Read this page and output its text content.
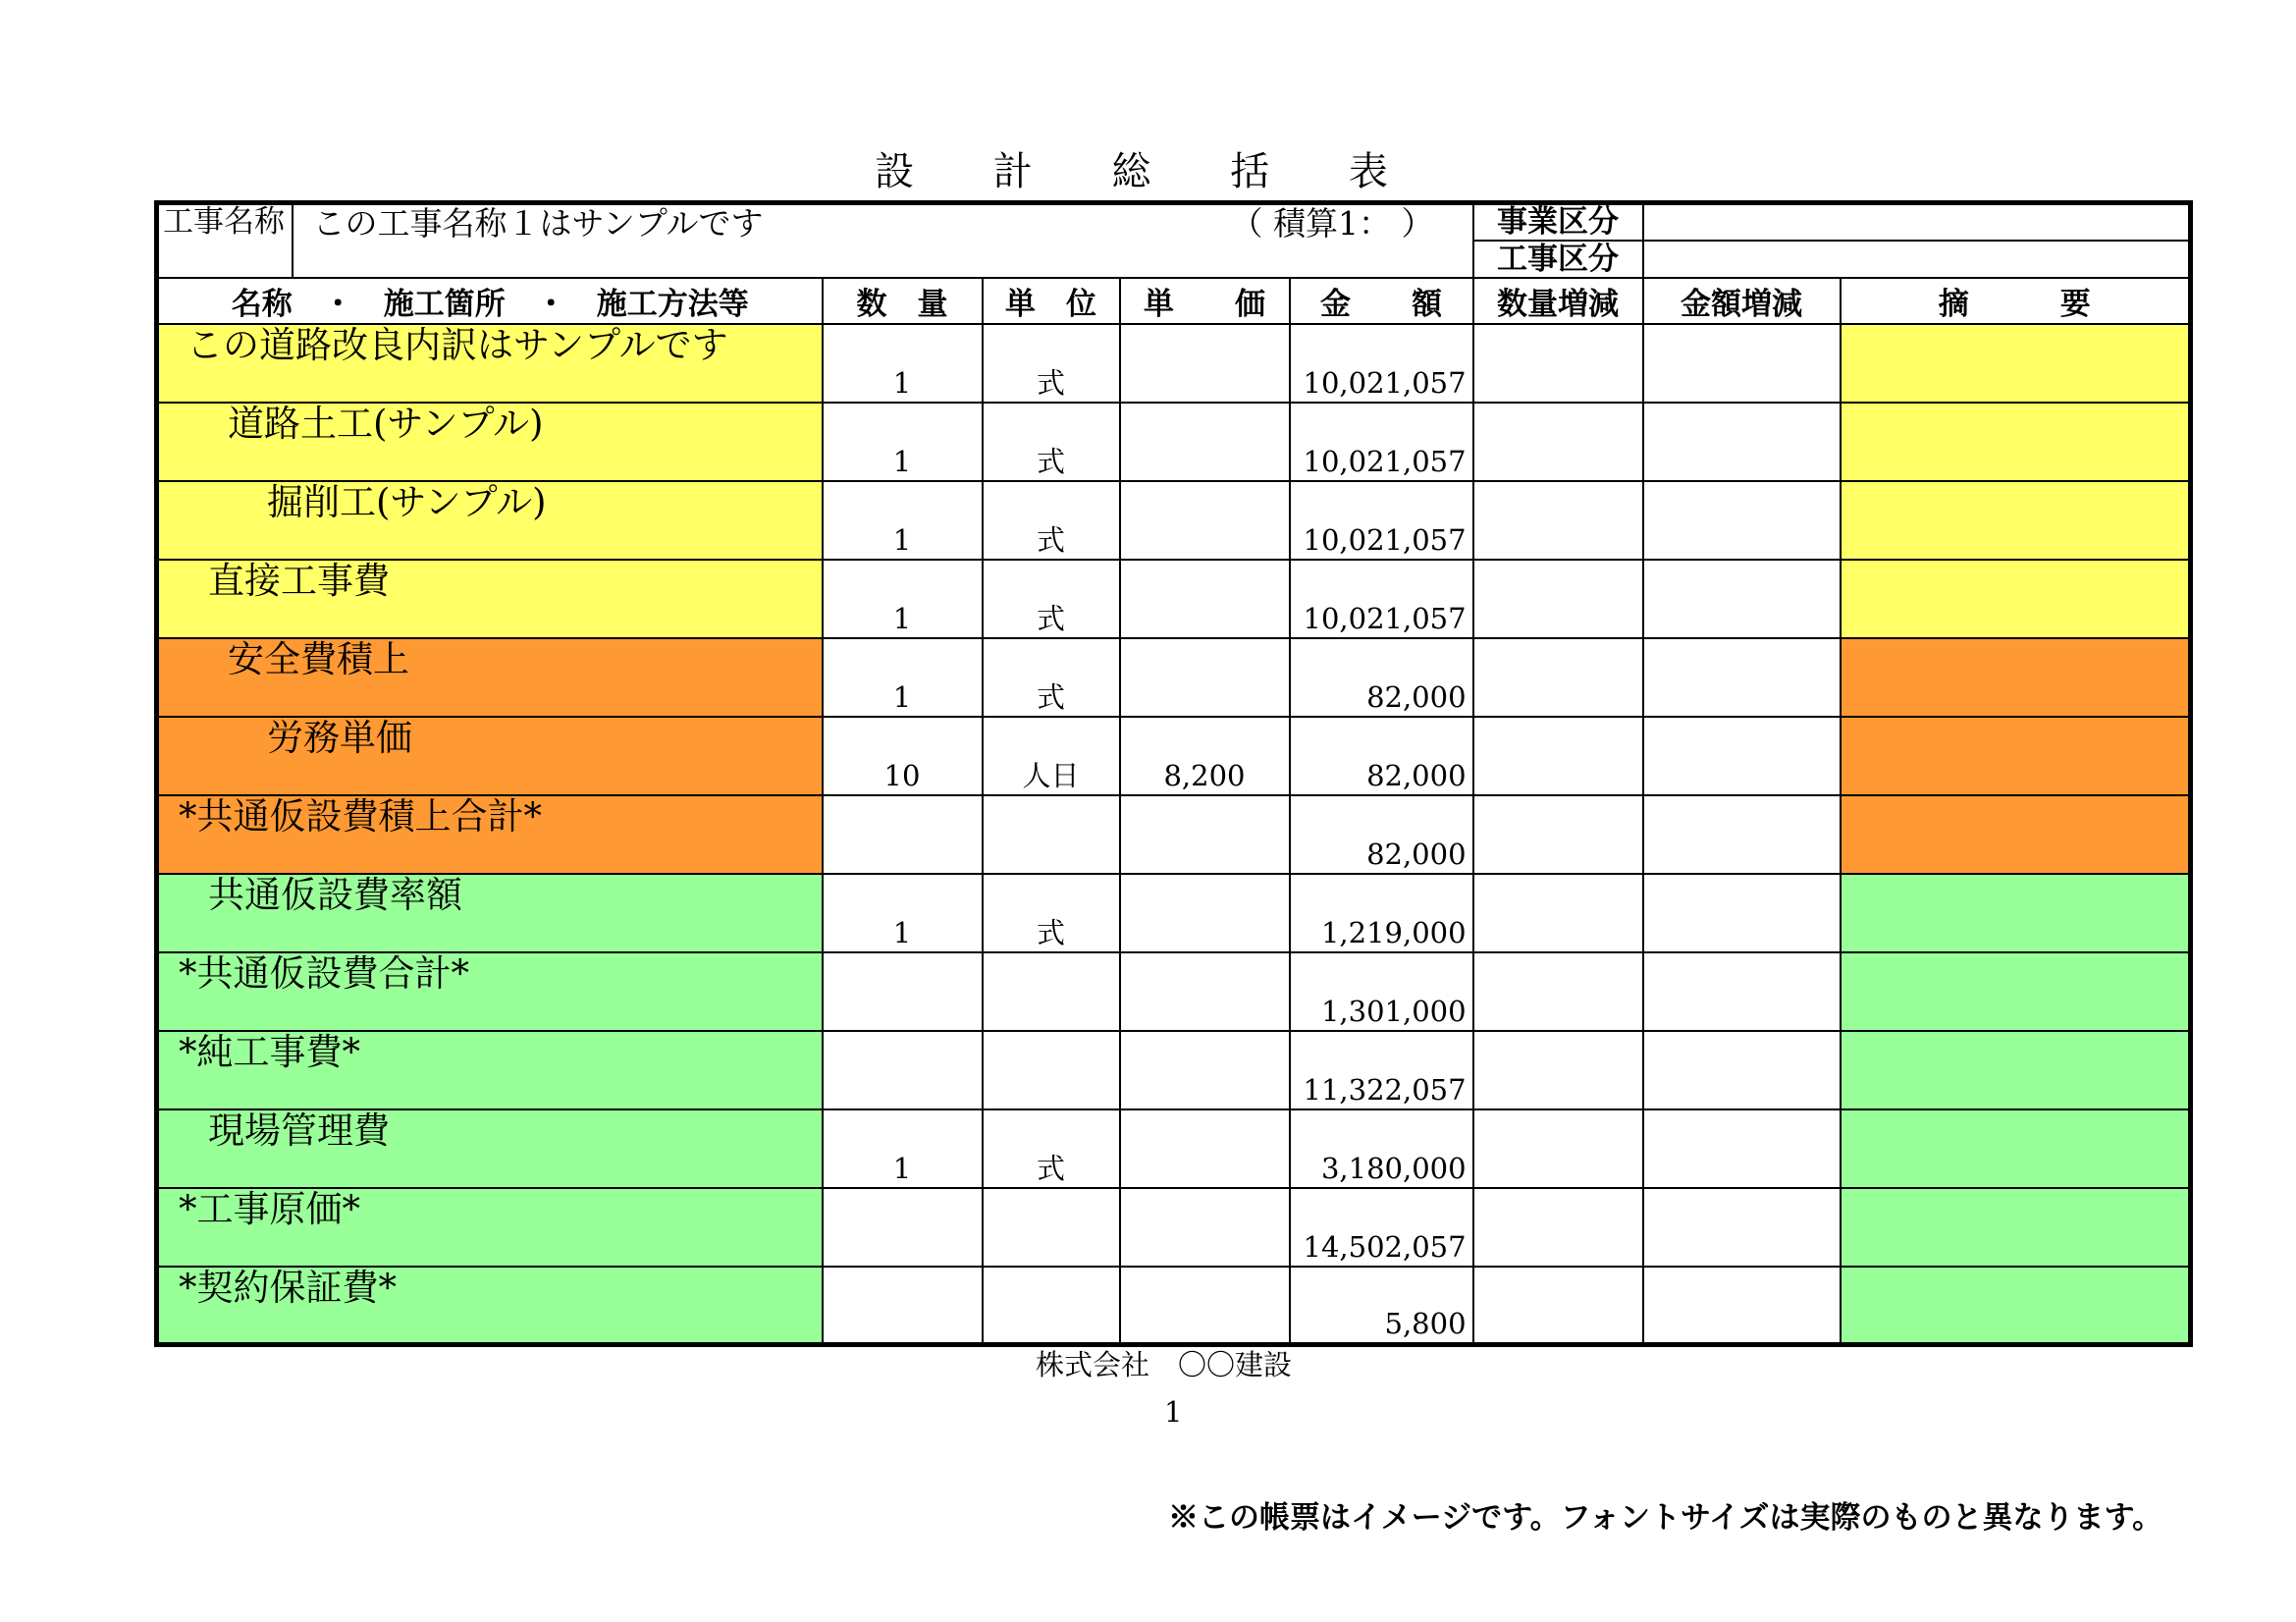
設 計 総 括 表
工事名称	この工事名称１はサンプルです （ 積算1： ）					事業区分		
						工事区分		
名称　・　施工箇所　・　施工方法等		数　量	単　位	単　　価	金　　額	数量増減	金額増減	摘　　　要

この道路改良内訳はサンプルです		1	式		10,021,057			

道路土工(サンプル)		1	式		10,021,057			

掘削工(サンプル)		1	式		10,021,057			

直接工事費		1	式		10,021,057			

安全費積上		1	式		82,000			

労務単価		10	人日	8,200	82,000			

*共通仮設費積上合計*					82,000			

共通仮設費率額		1	式		1,219,000			

*共通仮設費合計*					1,301,000			

*純工事費*					11,322,057			

現場管理費		1	式		3,180,000			

*工事原価*					14,502,057			

*契約保証費*					5,800			
株式会社　〇〇建設
1
※この帳票はイメージです。フォントサイズは実際のものと異なります。
